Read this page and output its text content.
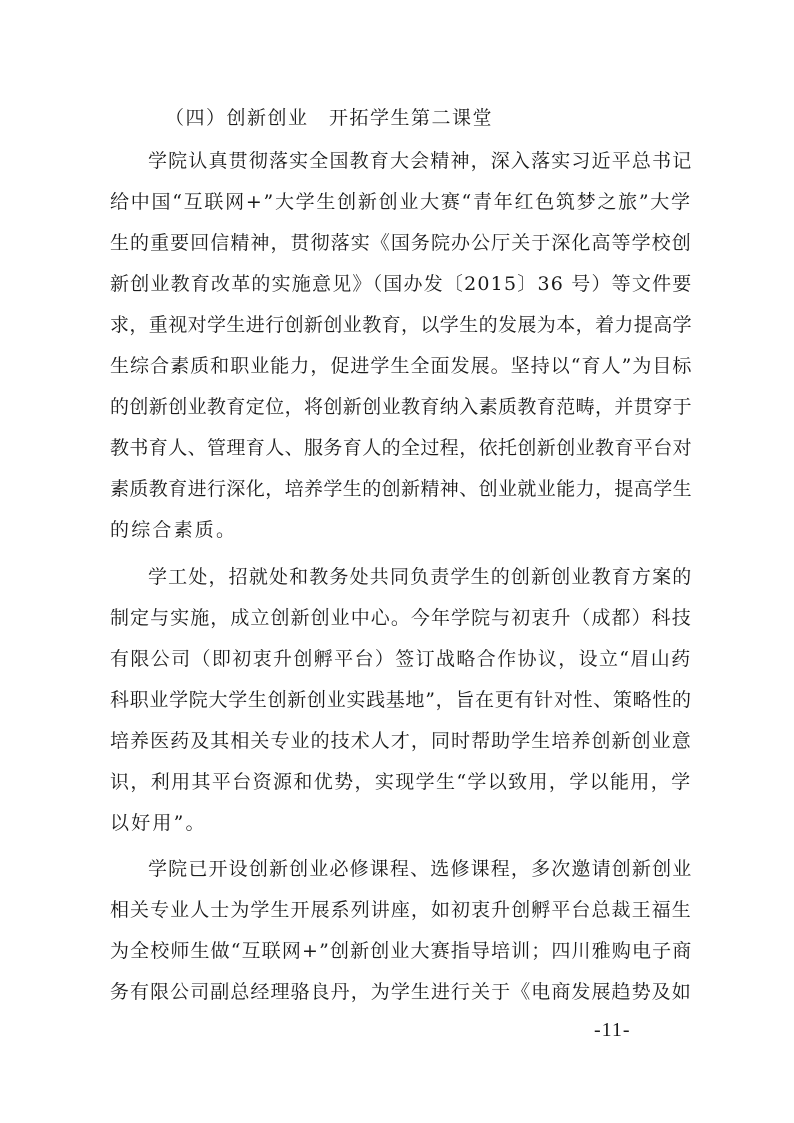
（四）创新创业　开拓学生第二课堂
学院认真贯彻落实全国教育大会精神，深入落实习近平总书记
给中国“互联网+”大学生创新创业大赛“青年红色筑梦之旅”大学
生的重要回信精神，贯彻落实《国务院办公厅关于深化高等学校创
新创业教育改革的实施意见》（国办发〔2015〕36 号）等文件要
求，重视对学生进行创新创业教育，以学生的发展为本，着力提高学
生综合素质和职业能力，促进学生全面发展。坚持以“育人”为目标
的创新创业教育定位，将创新创业教育纳入素质教育范畴，并贯穿于
教书育人、管理育人、服务育人的全过程，依托创新创业教育平台对
素质教育进行深化，培养学生的创新精神、创业就业能力，提高学生
的综合素质。
学工处，招就处和教务处共同负责学生的创新创业教育方案的
制定与实施，成立创新创业中心。今年学院与初衷升（成都）科技
有限公司（即初衷升创孵平台）签订战略合作协议，设立“眉山药
科职业学院大学生创新创业实践基地”，旨在更有针对性、策略性的
培养医药及其相关专业的技术人才，同时帮助学生培养创新创业意
识，利用其平台资源和优势，实现学生“学以致用，学以能用，学
以好用”。
学院已开设创新创业必修课程、选修课程，多次邀请创新创业
相关专业人士为学生开展系列讲座，如初衷升创孵平台总裁王福生
为全校师生做“互联网+”创新创业大赛指导培训；四川雅购电子商
务有限公司副总经理骆良丹，为学生进行关于《电商发展趋势及如
-11-
